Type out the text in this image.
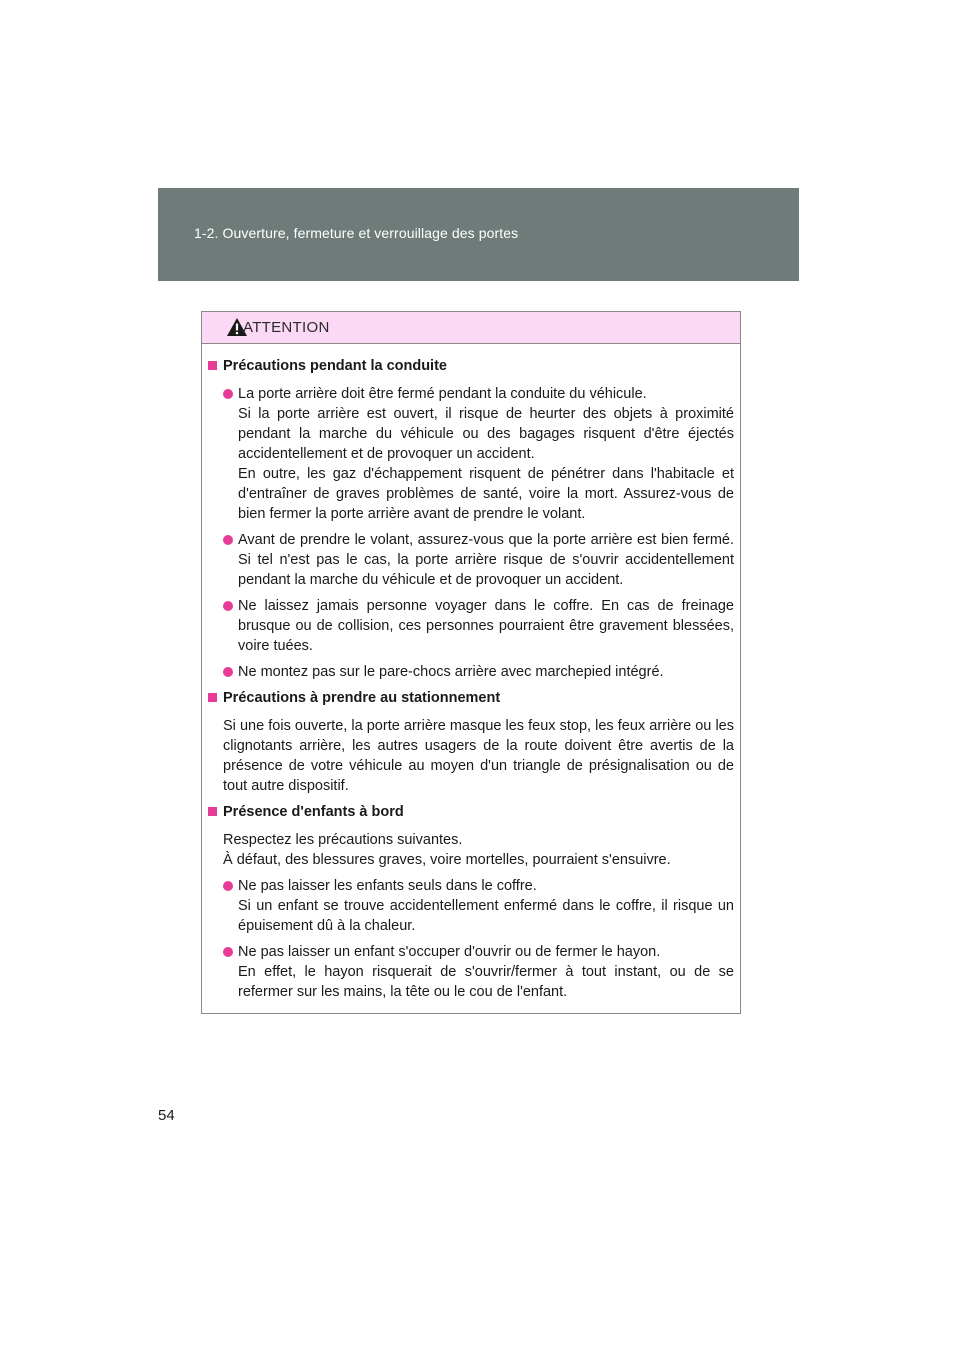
1-2. Ouverture, fermeture et verrouillage des portes
ATTENTION
Précautions pendant la conduite
La porte arrière doit être fermé pendant la conduite du véhicule.
Si la porte arrière est ouvert, il risque de heurter des objets à proximité pendant la marche du véhicule ou des bagages risquent d'être éjectés accidentellement et de provoquer un accident.
En outre, les gaz d'échappement risquent de pénétrer dans l'habitacle et d'entraîner de graves problèmes de santé, voire la mort. Assurez-vous de bien fermer la porte arrière avant de prendre le volant.
Avant de prendre le volant, assurez-vous que la porte arrière est bien fermé. Si tel n'est pas le cas, la porte arrière risque de s'ouvrir accidentellement pendant la marche du véhicule et de provoquer un accident.
Ne laissez jamais personne voyager dans le coffre. En cas de freinage brusque ou de collision, ces personnes pourraient être gravement blessées, voire tuées.
Ne montez pas sur le pare-chocs arrière avec marchepied intégré.
Précautions à prendre au stationnement
Si une fois ouverte, la porte arrière masque les feux stop, les feux arrière ou les clignotants arrière, les autres usagers de la route doivent être avertis de la présence de votre véhicule au moyen d'un triangle de présignalisation ou de tout autre dispositif.
Présence d'enfants à bord
Respectez les précautions suivantes.
À défaut, des blessures graves, voire mortelles, pourraient s'ensuivre.
Ne pas laisser les enfants seuls dans le coffre.
Si un enfant se trouve accidentellement enfermé dans le coffre, il risque un épuisement dû à la chaleur.
Ne pas laisser un enfant s'occuper d'ouvrir ou de fermer le hayon.
En effet, le hayon risquerait de s'ouvrir/fermer à tout instant, ou de se refermer sur les mains, la tête ou le cou de l'enfant.
54
